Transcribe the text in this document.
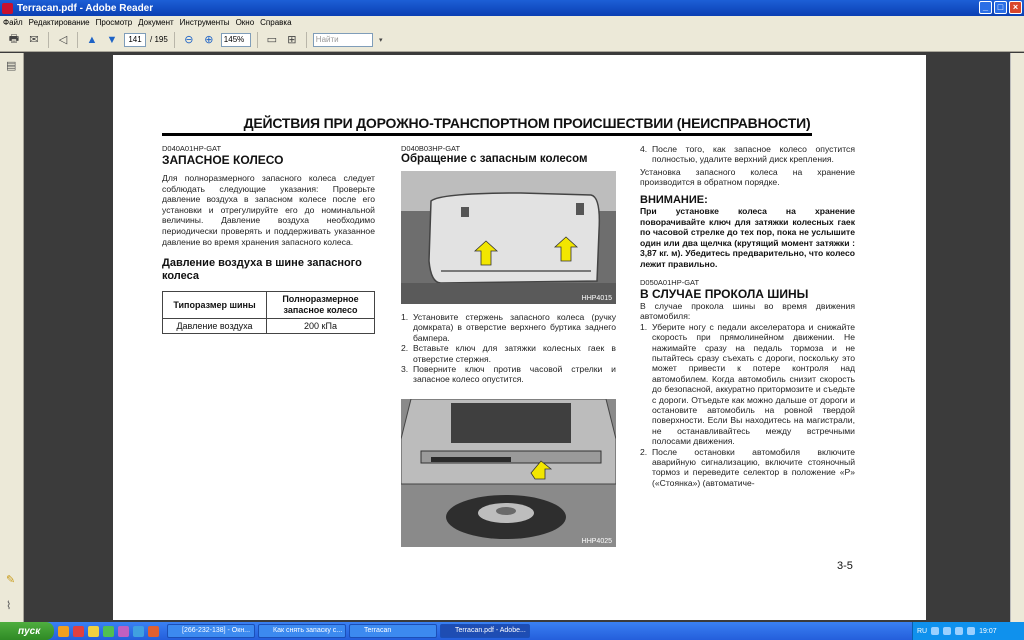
Terracan.pdf - Adobe Reader	_	□	×
Файл Редактирование Просмотр Документ Инструменты Окно Справка
🖶 ✉	◁	▲ ▼	141	/ 195	⊖ ⊕	145%	▭ ⊞	Найти	▾
▤
✎
⌇
ДЕЙСТВИЯ ПРИ ДОРОЖНО-ТРАНСПОРТНОМ ПРОИСШЕСТВИИ (НЕИСПРАВНОСТИ)
D040A01HP-GAT
ЗАПАСНОЕ КОЛЕСО
Для полноразмерного запасного колеса следует соблюдать следующие указания: Проверьте давление воздуха в запасном колесе после его установки и отрегулируйте его до номинальной величины. Давление воздуха необходимо периодически проверять и поддерживать указанное давление во время хранения запасного колеса.
Давление воздуха в шине запасного колеса
Типоразмер шины	Полноразмерное запасное колесо
Давление воздуха	200 кПа
D040B03HP-GAT
Обращение с запасным колесом
HHP4015
1. Установите стержень запасного колеса (ручку домкрата) в отверстие верхнего буртика заднего бампера.
2. Вставьте ключ для затяжки колесных гаек в отверстие стержня.
3. Поверните ключ против часовой стрелки и запасное колесо опустится.
HHP4025
4. После того, как запасное колесо опустится полностью, удалите верхний диск крепления.
Установка запасного колеса на хранение производится в обратном порядке.
ВНИМАНИЕ:
При установке колеса на хранение поворачивайте ключ для затяжки колесных гаек по часовой стрелке до тех пор, пока не услышите один или два щелчка (крутящий момент затяжки : 3,87 кг. м). Убедитесь предварительно, что колесо лежит правильно.
D050A01HP-GAT
В СЛУЧАЕ ПРОКОЛА ШИНЫ
В случае прокола шины во время движения автомобиля:
1. Уберите ногу с педали акселератора и снижайте скорость при прямолинейном движении. Не нажимайте сразу на педаль тормоза и не пытайтесь сразу съехать с дороги, поскольку это может привести к потере контроля над автомобилем. Когда автомобиль снизит скорость до безопасной, аккуратно притормозите и съедьте с дороги. Отъедьте как можно дальше от дороги и остановите автомобиль на ровной твердой поверхности. Если Вы находитесь на магистрали, не останавливайтесь между встречными полосами движения.
2. После остановки автомобиля включите аварийную сигнализацию, включите стояночный тормоз и переведите селектор в положение «P» («Стоянка») (автоматиче-
3-5
пуск	[266-232-138] - Окн...	Как снять запаску с...	Terracan	Terracan.pdf - Adobe...	RU	19:07
